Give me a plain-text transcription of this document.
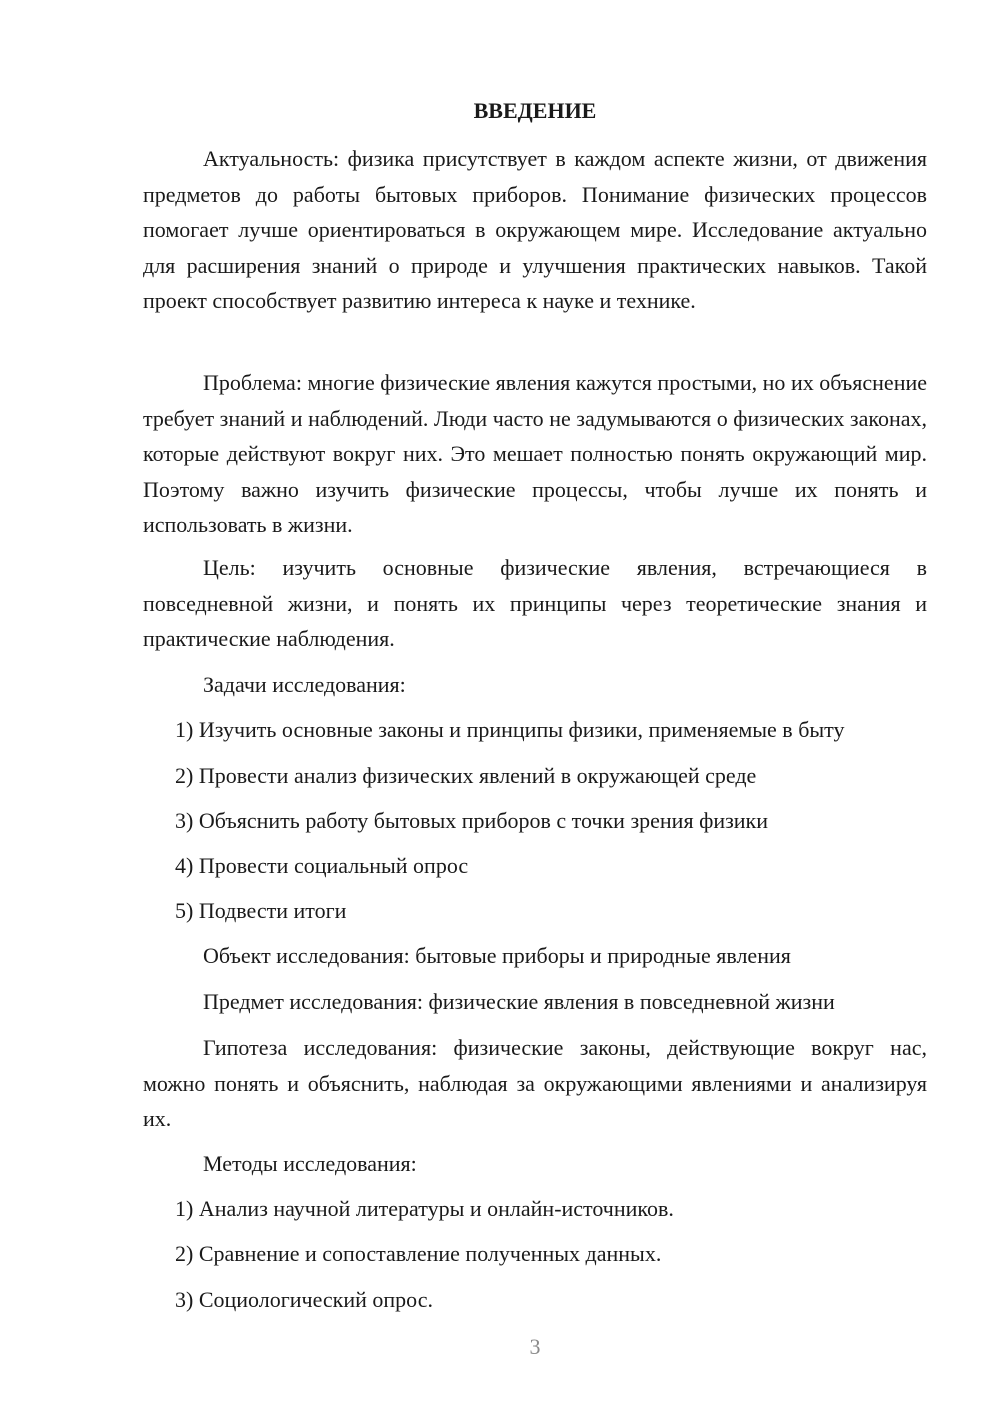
ВВЕДЕНИЕ

Актуальность: физика присутствует в каждом аспекте жизни, от движения предметов до работы бытовых приборов. Понимание физических процессов помогает лучше ориентироваться в окружающем мире. Исследование актуально для расширения знаний о природе и улучшения практических навыков. Такой проект способствует развитию интереса к науке и технике.

Проблема: многие физические явления кажутся простыми, но их объяснение требует знаний и наблюдений. Люди часто не задумываются о физических законах, которые действуют вокруг них. Это мешает полностью понять окружающий мир. Поэтому важно изучить физические процессы, чтобы лучше их понять и использовать в жизни.

Цель: изучить основные физические явления, встречающиеся в повседневной жизни, и понять их принципы через теоретические знания и практические наблюдения.

Задачи исследования:

1) Изучить основные законы и принципы физики, применяемые в быту

2) Провести анализ физических явлений в окружающей среде

3) Объяснить работу бытовых приборов с точки зрения физики

4) Провести социальный опрос

5) Подвести итоги

Объект исследования: бытовые приборы и природные явления

Предмет исследования: физические явления в повседневной жизни

Гипотеза исследования: физические законы, действующие вокруг нас, можно понять и объяснить, наблюдая за окружающими явлениями и анализируя их.

Методы исследования:

1) Анализ научной литературы и онлайн-источников.

2) Сравнение и сопоставление полученных данных.

3) Социологический опрос.

3
